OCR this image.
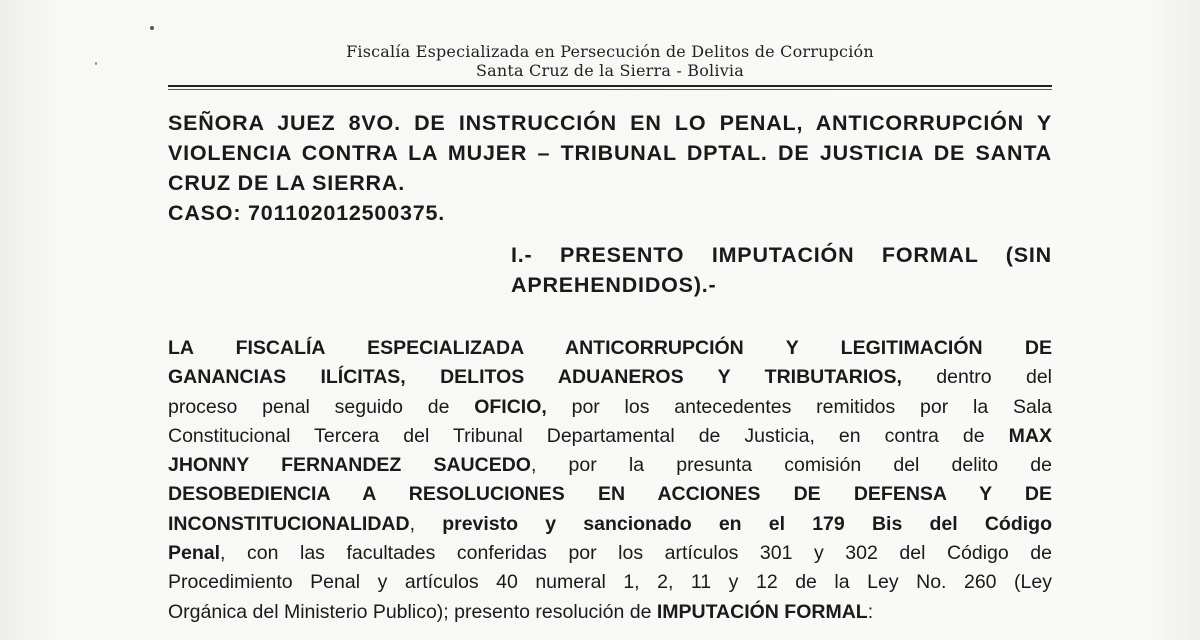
Fiscalía Especializada en Persecución de Delitos de Corrupción
Santa Cruz de la Sierra - Bolivia
SEÑORA JUEZ 8VO. DE INSTRUCCIÓN EN LO PENAL, ANTICORRUPCIÓN Y
VIOLENCIA CONTRA LA MUJER – TRIBUNAL DPTAL. DE JUSTICIA DE SANTA
CRUZ DE LA SIERRA.
CASO: 701102012500375.
I.- PRESENTO IMPUTACIÓN FORMAL (SIN
APREHENDIDOS).-
LA FISCALÍA ESPECIALIZADA ANTICORRUPCIÓN Y LEGITIMACIÓN DE
GANANCIAS ILÍCITAS, DELITOS ADUANEROS Y TRIBUTARIOS, dentro del
proceso penal seguido de OFICIO, por los antecedentes remitidos por la Sala
Constitucional Tercera del Tribunal Departamental de Justicia, en contra de MAX
JHONNY FERNANDEZ SAUCEDO, por la presunta comisión del delito de
DESOBEDIENCIA A RESOLUCIONES EN ACCIONES DE DEFENSA Y DE
INCONSTITUCIONALIDAD, previsto y sancionado en el 179 Bis del Código
Penal, con las facultades conferidas por los artículos 301 y 302 del Código de
Procedimiento Penal y artículos 40 numeral 1, 2, 11 y 12 de la Ley No. 260 (Ley
Orgánica del Ministerio Publico); presento resolución de IMPUTACIÓN FORMAL:
